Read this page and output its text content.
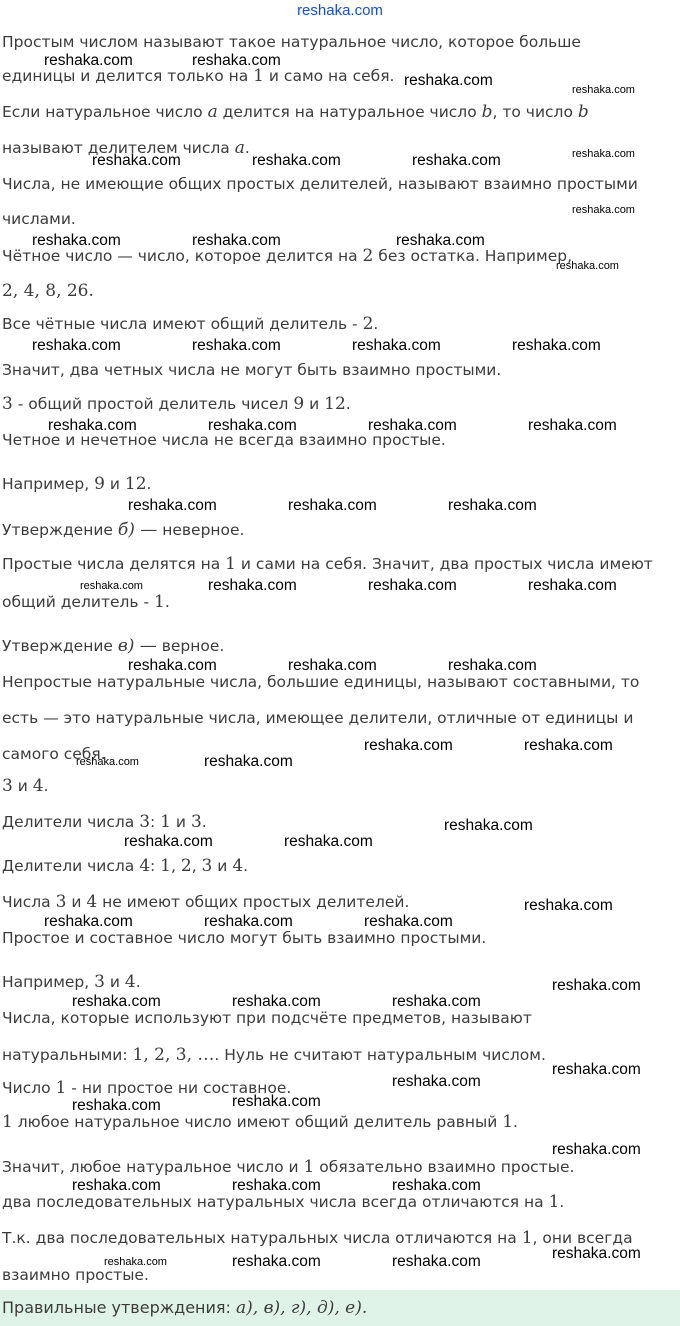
reshaka.com
Простым числом называют такое натуральное число, которое больше
единицы и делится только на 1 и само на себя.
Если натуральное число a делится на натуральное число b, то число b
называют делителем числа a.
Числа, не имеющие общих простых делителей, называют взаимно простыми
числами.
Чётное число — число, которое делится на 2 без остатка. Например,
2, 4, 8, 26.
Все чётные числа имеют общий делитель - 2.
Значит, два четных числа не могут быть взаимно простыми.
3 - общий простой делитель чисел 9 и 12.
Четное и нечетное числа не всегда взаимно простые.
Например, 9 и 12.
Утверждение б) — неверное.
Простые числа делятся на 1 и сами на себя. Значит, два простых числа имеют
общий делитель - 1.
Утверждение в) — верное.
Непростые натуральные числа, большие единицы, называют составными, то
есть — это натуральные числа, имеющее делители, отличные от единицы и
самого себя.
3 и 4.
Делители числа 3: 1 и 3.
Делители числа 4: 1, 2, 3 и 4.
Числа 3 и 4 не имеют общих простых делителей.
Простое и составное число могут быть взаимно простыми.
Например, 3 и 4.
Числа, которые используют при подсчёте предметов, называют
натуральными: 1, 2, 3, …. Нуль не считают натуральным числом.
Число 1 - ни простое ни составное.
1 любое натуральное число имеют общий делитель равный 1.
Значит, любое натуральное число и 1 обязательно взаимно простые.
два последовательных натуральных числа всегда отличаются на 1.
Т.к. два последовательных натуральных числа отличаются на 1, они всегда
взаимно простые.
Правильные утверждения: а), в), г), д), е).
reshaka.com	reshaka.com
reshaka.com
reshaka.com	reshaka.com	reshaka.com
reshaka.com	reshaka.com	reshaka.com
reshaka.com	reshaka.com	reshaka.com	reshaka.com
reshaka.com	reshaka.com	reshaka.com	reshaka.com
reshaka.com	reshaka.com	reshaka.com
reshaka.com	reshaka.com	reshaka.com
reshaka.com	reshaka.com	reshaka.com
reshaka.com	reshaka.com
reshaka.com
reshaka.com
reshaka.com	reshaka.com
reshaka.com
reshaka.com	reshaka.com	reshaka.com
reshaka.com
reshaka.com	reshaka.com	reshaka.com
reshaka.com
reshaka.com
reshaka.com
reshaka.com
reshaka.com
reshaka.com	reshaka.com	reshaka.com
reshaka.com
reshaka.com	reshaka.com
reshaka.com
reshaka.com
reshaka.com
reshaka.com
reshaka.com
reshaka.com
reshaka.com
